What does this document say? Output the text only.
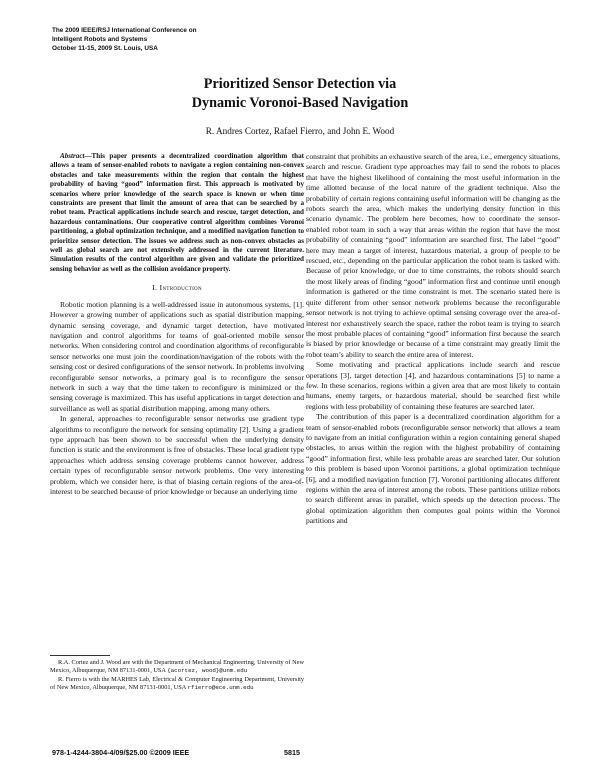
The 2009 IEEE/RSJ International Conference on
Intelligent Robots and Systems
October 11-15, 2009 St. Louis, USA
Prioritized Sensor Detection via
Dynamic Voronoi-Based Navigation
R. Andres Cortez, Rafael Fierro, and John E. Wood

Abstract—This paper presents a decentralized coordination algorithm that allows a team of sensor-enabled robots to navigate a region containing non-convex obstacles and take measurements within the region that contain the highest probability of having “good” information first. This approach is motivated by scenarios where prior knowledge of the search space is known or when time constraints are present that limit the amount of area that can be searched by a robot team. Practical applications include search and rescue, target detection, and hazardous contaminations. Our cooperative control algorithm combines Voronoi partitioning, a global optimization technique, and a modified navigation function to prioritize sensor detection. The issues we address such as non-convex obstacles as well as global search are not extensively addressed in the current literature. Simulation results of the control algorithm are given and validate the prioritized sensing behavior as well as the collision avoidance property.

I. Introduction

Robotic motion planning is a well-addressed issue in autonomous systems, [1]. However a growing number of applications such as spatial distribution mapping, dynamic sensing coverage, and dynamic target detection, have motivated navigation and control algorithms for teams of goal-oriented mobile sensor networks. When considering control and coordination algorithms of reconfigurable sensor networks one must join the coordination/navigation of the robots with the sensing cost or desired configurations of the sensor network. In problems involving reconfigurable sensor networks, a primary goal is to reconfigure the sensor network in such a way that the time taken to reconfigure is minimized or the sensing coverage is maximized. This has useful applications in target detection and surveillance as well as spatial distribution mapping, among many others.

In general, approaches to reconfigurable sensor networks use gradient type algorithms to reconfigure the network for sensing optimality [2]. Using a gradient type approach has been shown to be successful when the underlying density function is static and the environment is free of obstacles. These local gradient type approaches which address sensing coverage problems cannot however, address certain types of reconfigurable sensor network problems. One very interesting problem, which we consider here, is that of biasing certain regions of the area-of-interest to be searched because of prior knowledge or because an underlying time

R.A. Cortez and J. Wood are with the Department of Mechanical Engineering, University of New Mexico, Albuquerque, NM 87131-0001, USA {acortez, wood}@unm.edu

R. Fierro is with the MARHES Lab, Electrical & Computer Engineering Department, University of New Mexico, Albuquerque, NM 87131-0001, USA rfierro@ece.unm.edu

constraint that prohibits an exhaustive search of the area, i.e., emergency situations, search and rescue. Gradient type approaches may fail to send the robots to places that have the highest likelihood of containing the most useful information in the time allotted because of the local nature of the gradient technique. Also the probability of certain regions containing useful information will be changing as the robots search the area, which makes the underlying density function in this scenario dynamic. The problem here becomes, how to coordinate the sensor-enabled robot team in such a way that areas within the region that have the most probability of containing “good” information are searched first. The label “good” here may mean a target of interest, hazardous material, a group of people to be rescued, etc., depending on the particular application the robot team is tasked with. Because of prior knowledge, or due to time constraints, the robots should search the most likely areas of finding “good” information first and continue until enough information is gathered or the time constraint is met. The scenario stated here is quite different from other sensor network problems because the reconfigurable sensor network is not trying to achieve optimal sensing coverage over the area-of-interest nor exhaustively search the space, rather the robot team is trying to search the most probable places of containing “good” information first because the search is biased by prior knowledge or because of a time constraint may greatly limit the robot team’s ability to search the entire area of interest.

Some motivating and practical applications include search and rescue operations [3], target detection [4], and hazardous contaminations [5] to name a few. In these scenarios, regions within a given area that are most likely to contain humans, enemy targets, or hazardous material, should be searched first while regions with less probability of containing these features are searched later.

The contribution of this paper is a decentralized coordination algorithm for a team of sensor-enabled robots (reconfigurable sensor network) that allows a team to navigate from an initial configuration within a region containing general shaped obstacles, to areas within the region with the highest probability of containing “good” information first, while less probable areas are searched later. Our solution to this problem is based upon Voronoi partitions, a global optimization technique [6], and a modified navigation function [7]. Voronoi partitioning allocates different regions within the area of interest among the robots. These partitions utilize robots to search different areas in parallel, which speeds up the detection process. The global optimization algorithm then computes goal points within the Voronoi partitions and

978-1-4244-3804-4/09/$25.00 ©2009 IEEE	5815
